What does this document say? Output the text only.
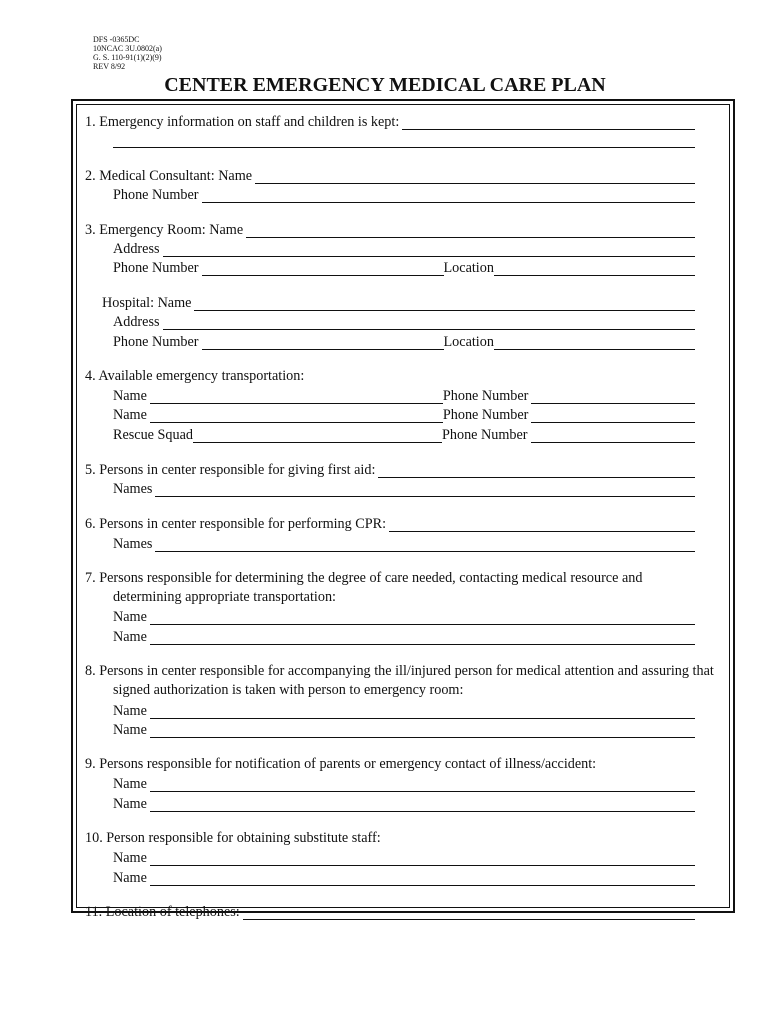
DFS -0365DC
10NCAC 3U.0802(a)
G. S. 110-91(1)(2)(9)
REV 8/92
CENTER EMERGENCY MEDICAL CARE PLAN
1. Emergency information on staff and children is kept:
2. Medical Consultant: Name
Phone Number
3. Emergency Room: Name
Address
Phone Number	Location
Hospital: Name
Address
Phone Number	Location
4. Available emergency transportation:
Name	Phone Number
Name	Phone Number
Rescue Squad	Phone Number
5. Persons in center responsible for giving first aid:
Names
6. Persons in center responsible for performing CPR:
Names
7. Persons responsible for determining the degree of care needed, contacting medical resource and
determining appropriate transportation:
Name
Name
8. Persons in center responsible for accompanying the ill/injured person for medical attention and assuring that
signed authorization is taken with person to emergency room:
Name
Name
9. Persons responsible for notification of parents or emergency contact of illness/accident:
Name
Name
10. Person responsible for obtaining substitute staff:
Name
Name
11. Location of telephones:
